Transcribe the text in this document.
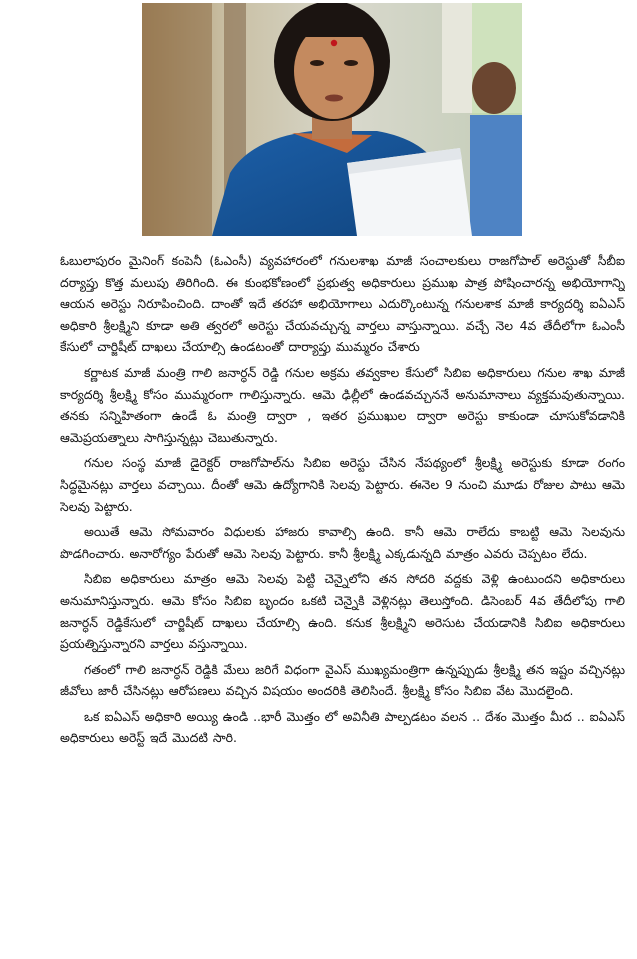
ఓబులాపురం మైనింగ్ కంపెనీ (ఓఎంసీ) వ్యవహారంలో గనులశాఖ మాజీ సంచాలకులు రాజగోపాల్ అరెస్టుతో సీబీఐ దర్యాప్తు కొత్త మలుపు తిరిగింది. ఈ కుంభకోణంలో ప్రభుత్వ అధికారులు ప్రముఖ పాత్ర పోషించారన్న అభియోగాన్ని ఆయన అరెస్టు నిరూపించింది. దాంతో ఇదే తరహా అభియోగాలు ఎదుర్కొంటున్న గనులశాక మాజీ కార్యదర్శి ఐఏఎస్ అధికారి శ్రీలక్ష్మిని కూడా అతి త్వరలో అరెస్టు చేయవచ్చున్న వార్తలు వాస్తున్నాయి. వచ్చే నెల 4వ తేదీలోగా ఓఎంసీ కేసులో చార్జిషీట్ దాఖలు చేయాల్సి ఉండటంతో దార్యాప్తు ముమ్మరం చేశారు

కర్ణాటక మాజీ మంత్రి గాలి జనార్ధన్ రెడ్డి గనుల అక్రమ తవ్వకాల కేసులో సిబిఐ అధికారులు గనుల శాఖ మాజీ కార్యదర్శి శ్రీలక్ష్మి కోసం ముమ్మరంగా గాలిస్తున్నారు. ఆమె ఢిల్లీలో ఉండవచ్చుననే అనుమానాలు వ్యక్తమవుతున్నాయి. తనకు సన్నిహితంగా ఉండే ఓ మంత్రి ద్వారా , ఇతర ప్రముఖుల ద్వారా అరెస్టు కాకుండా చూసుకోవడానికి ఆమెప్రయత్నాలు సాగిస్తున్నట్లు చెబుతున్నారు.

గనుల సంస్థ మాజీ డైరెక్టర్ రాజగోపాల్‌ను సిబిఐ అరెస్టు చేసిన నేపథ్యంలో శ్రీలక్ష్మి అరెస్టుకు కూడా రంగం సిద్ధమైనట్లు వార్తలు వచ్చాయి. దీంతో ఆమె ఉద్యోగానికి సెలవు పెట్టారు. ఈనెల 9 నుంచి మూడు రోజుల పాటు ఆమె సెలవు పెట్టారు.

అయితే ఆమె సోమవారం విధులకు హాజరు కావాల్సి ఉంది. కానీ ఆమె రాలేదు కాబట్టి ఆమె సెలవును పొడగించారు. అనారోగ్యం పేరుతో ఆమె సెలవు పెట్టారు. కానీ శ్రీలక్ష్మి ఎక్కడున్నది మాత్రం ఎవరు చెప్పటం లేదు.

సిబిఐ అధికారులు మాత్రం ఆమె సెలవు పెట్టి చెన్నైలోని తన సోదరి వద్దకు వెళ్లి ఉంటుందని అధికారులు అనుమానిస్తున్నారు. ఆమె కోసం సిబిఐ బృందం ఒకటి చెన్నైకి వెళ్లినట్లు తెలుస్తోంది. డిసెంబర్ 4వ తేదీలోపు గాలి జనార్ధన్ రెడ్డికేసులో చార్జిషీట్ దాఖలు చేయాల్సి ఉంది. కనుక శ్రీలక్ష్మిని అరెసుట చేయడానికి సిబిఐ అధికారులు ప్రయత్నిస్తున్నారని వార్తలు వస్తున్నాయి.

గతంలో గాలి జనార్ధన్ రెడ్డికి మేలు జరిగే విధంగా వైఎస్ ముఖ్యమంత్రిగా ఉన్నప్పుడు శ్రీలక్ష్మి తన ఇష్టం వచ్చినట్లు జీవోలు జారీ చేసినట్లు ఆరోపణలు వచ్చిన విషయం అందరికి తెలిసిందే. శ్రీలక్ష్మి కోసం సిబిఐ వేట మొదలైంది.

ఒక ఐఏఎస్ అధికారి అయ్యి ఉండి ..భారీ మొత్తం లో అవినీతి పాల్పడటం వలన .. దేశం మొత్తం మీద .. ఐఏఎస్ అధికారులు అరెస్ట్ ఇదే మొదటి సారి.
